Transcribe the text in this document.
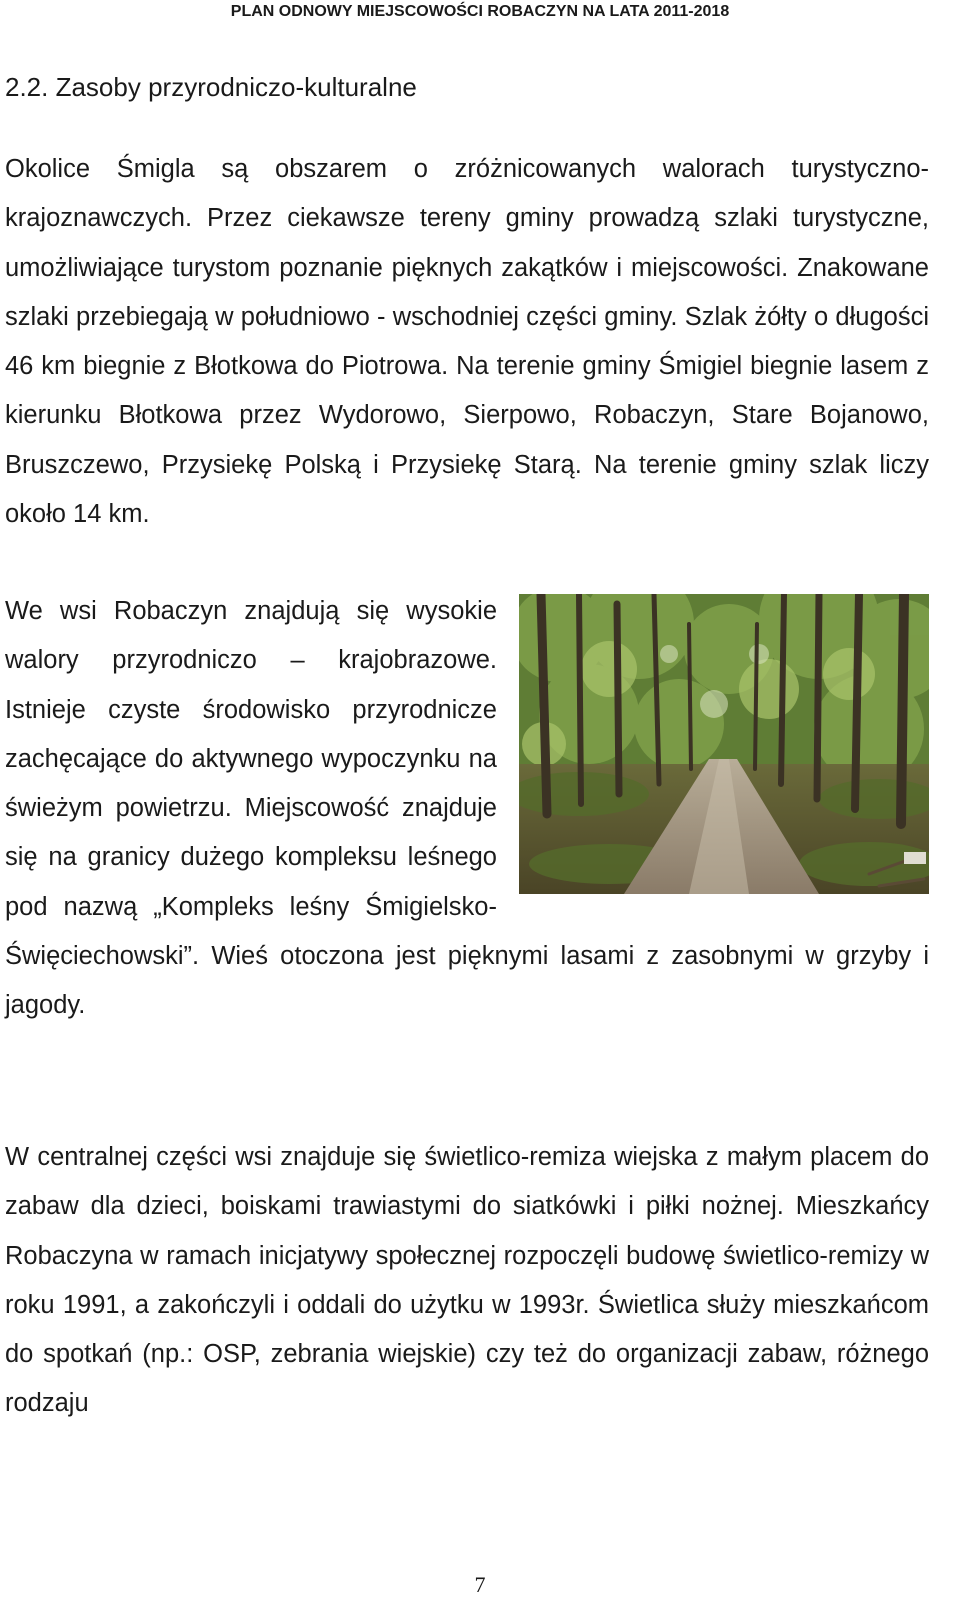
PLAN ODNOWY MIEJSCOWOŚCI ROBACZYN NA LATA 2011-2018
2.2. Zasoby przyrodniczo-kulturalne

Okolice Śmigla są obszarem o zróżnicowanych walorach turystyczno-krajoznawczych. Przez ciekawsze tereny gminy prowadzą szlaki turystyczne, umożliwiające turystom poznanie pięknych zakątków i miejscowości. Znakowane szlaki przebiegają w południowo - wschodniej części gminy. Szlak żółty o długości 46 km biegnie z Błotkowa do Piotrowa. Na terenie gminy Śmigiel biegnie lasem z kierunku Błotkowa przez Wydorowo, Sierpowo, Robaczyn, Stare Bojanowo, Bruszczewo, Przysiekę Polską i Przysiekę Starą. Na terenie gminy szlak liczy około 14 km.

We wsi Robaczyn znajdują się wysokie walory przyrodniczo – krajobrazowe. Istnieje czyste środowisko przyrodnicze zachęcające do aktywnego wypoczynku na świeżym powietrzu. Miejscowość znajduje się na granicy dużego kompleksu leśnego pod nazwą „Kompleks leśny Śmigielsko-Święciechowski”. Wieś otoczona jest pięknymi lasami z zasobnymi w grzyby i jagody.

W centralnej części wsi znajduje się świetlico-remiza wiejska z małym placem do zabaw dla dzieci, boiskami trawiastymi do siatkówki i piłki nożnej. Mieszkańcy Robaczyna w ramach inicjatywy społecznej rozpoczęli budowę świetlico-remizy w roku 1991, a zakończyli i oddali do użytku w 1993r. Świetlica służy mieszkańcom do spotkań (np.: OSP, zebrania wiejskie) czy też do organizacji zabaw, różnego rodzaju

7
